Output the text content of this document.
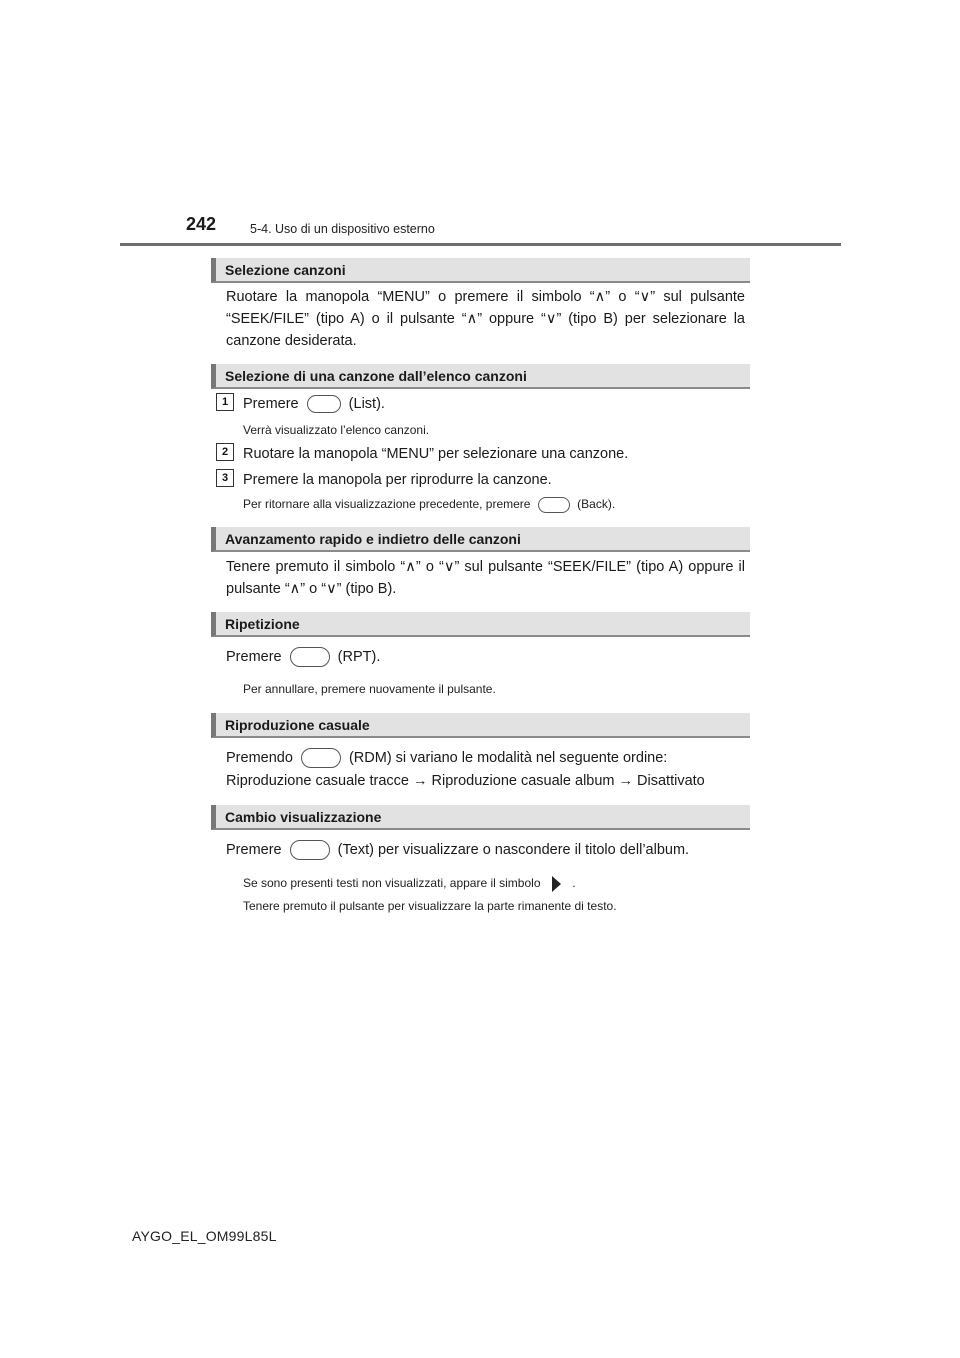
242	5-4. Uso di un dispositivo esterno
Selezione canzoni
Ruotare la manopola “MENU” o premere il simbolo “∧” o “∨” sul pulsante “SEEK/FILE” (tipo A) o il pulsante “∧” oppure “∨” (tipo B) per selezionare la canzone desiderata.
Selezione di una canzone dall’elenco canzoni
1	Premere	(List).
Verrà visualizzato l’elenco canzoni.
2	Ruotare la manopola “MENU” per selezionare una canzone.
3	Premere la manopola per riprodurre la canzone.
Per ritornare alla visualizzazione precedente, premere	(Back).
Avanzamento rapido e indietro delle canzoni
Tenere premuto il simbolo “∧” o “∨” sul pulsante “SEEK/FILE” (tipo A) oppure il pulsante “∧” o “∨” (tipo B).
Ripetizione
Premere	(RPT).
Per annullare, premere nuovamente il pulsante.
Riproduzione casuale
Premendo	(RDM) si variano le modalità nel seguente ordine:
Riproduzione casuale tracce → Riproduzione casuale album → Disattivato
Cambio visualizzazione
Premere	(Text) per visualizzare o nascondere il titolo dell’album.
Se sono presenti testi non visualizzati, appare il simbolo	.
Tenere premuto il pulsante per visualizzare la parte rimanente di testo.
AYGO_EL_OM99L85L
